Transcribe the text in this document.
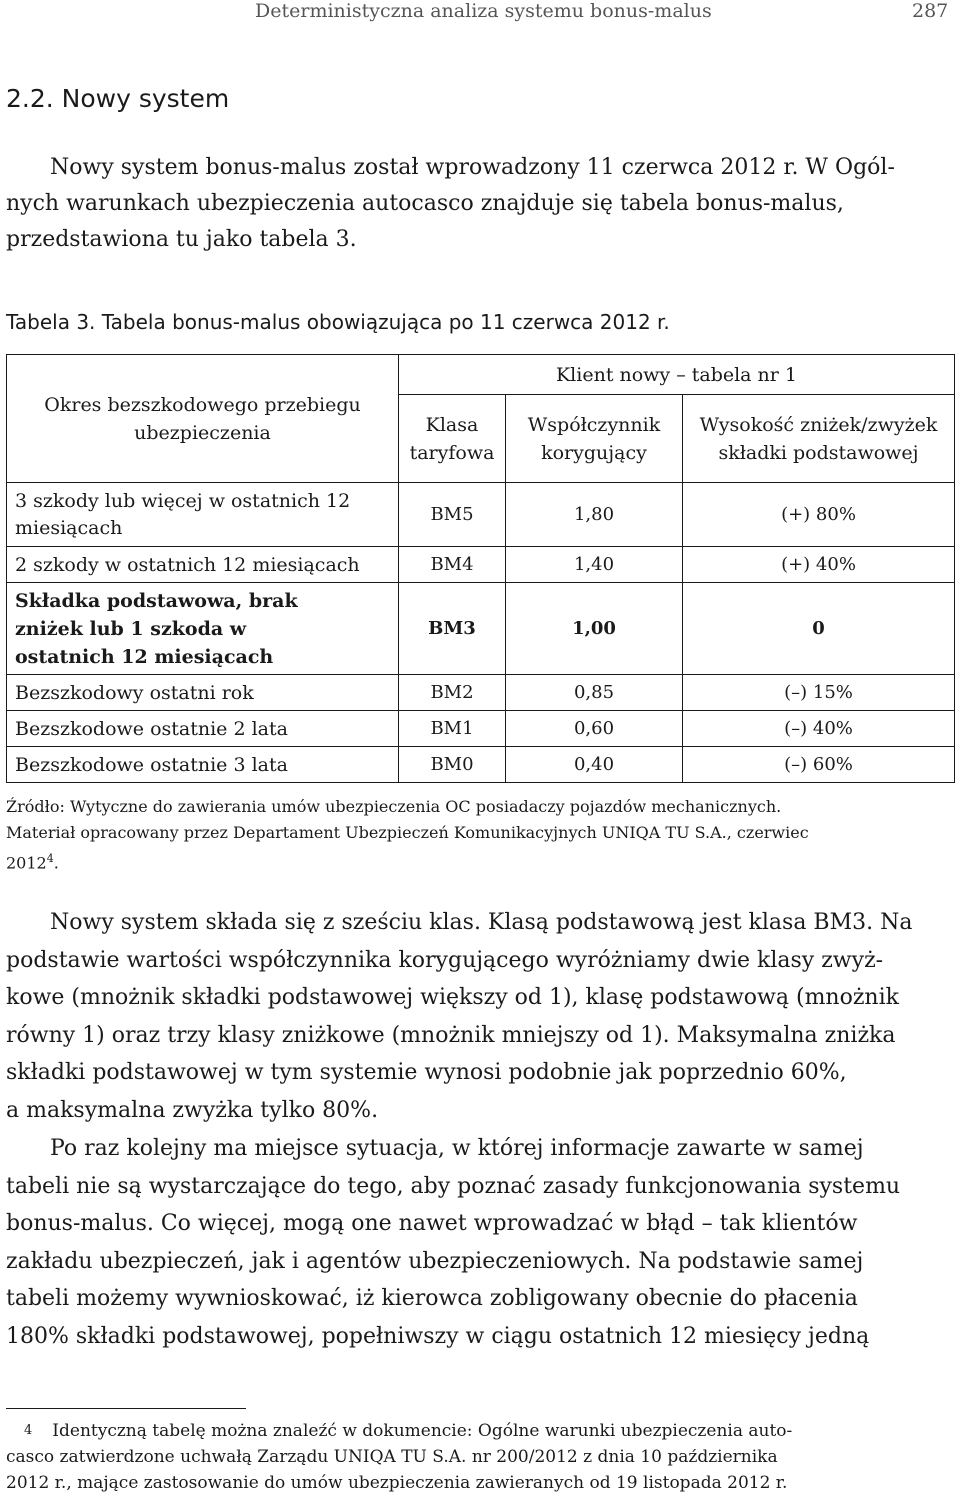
Deterministyczna analiza systemu bonus-malus	287
2.2. Nowy system
Nowy system bonus-malus został wprowadzony 11 czerwca 2012 r. W Ogól-
nych warunkach ubezpieczenia autocasco znajduje się tabela bonus-malus,
przedstawiona tu jako tabela 3.
Tabela 3. Tabela bonus-malus obowiązująca po 11 czerwca 2012 r.
Okres bezszkodowego przebiegu ubezpieczenia	Klient nowy – tabela nr 1		
	Klasa taryfowa	Współczynnik korygujący	Wysokość zniżek/zwyżek składki podstawowej
3 szkody lub więcej w ostatnich 12 miesiącach	BM5	1,80	(+) 80%
2 szkody w ostatnich 12 miesiącach	BM4	1,40	(+) 40%
Składka podstawowa, brak zniżek lub 1 szkoda w ostatnich 12 miesiącach	BM3	1,00	0
Bezszkodowy ostatni rok	BM2	0,85	(–) 15%
Bezszkodowe ostatnie 2 lata	BM1	0,60	(–) 40%
Bezszkodowe ostatnie 3 lata	BM0	0,40	(–) 60%
Źródło: Wytyczne do zawierania umów ubezpieczenia OC posiadaczy pojazdów mechanicznych.
Materiał opracowany przez Departament Ubezpieczeń Komunikacyjnych UNIQA TU S.A., czerwiec
2012$^4$.
Nowy system składa się z sześciu klas. Klasą podstawową jest klasa BM3. Na
podstawie wartości współczynnika korygującego wyróżniamy dwie klasy zwyż-
kowe (mnożnik składki podstawowej większy od 1), klasę podstawową (mnożnik
równy 1) oraz trzy klasy zniżkowe (mnożnik mniejszy od 1). Maksymalna zniżka
składki podstawowej w tym systemie wynosi podobnie jak poprzednio 60%,
a maksymalna zwyżka tylko 80%.
Po raz kolejny ma miejsce sytuacja, w której informacje zawarte w samej
tabeli nie są wystarczające do tego, aby poznać zasady funkcjonowania systemu
bonus-malus. Co więcej, mogą one nawet wprowadzać w błąd – tak klientów
zakładu ubezpieczeń, jak i agentów ubezpieczeniowych. Na podstawie samej
tabeli możemy wywnioskować, iż kierowca zobligowany obecnie do płacenia
180% składki podstawowej, popełniwszy w ciągu ostatnich 12 miesięcy jedną
$^4$ Identyczną tabelę można znaleźć w dokumencie: Ogólne warunki ubezpieczenia auto-
casco zatwierdzone uchwałą Zarządu UNIQA TU S.A. nr 200/2012 z dnia 10 października
2012 r., mające zastosowanie do umów ubezpieczenia zawieranych od 19 listopada 2012 r.
